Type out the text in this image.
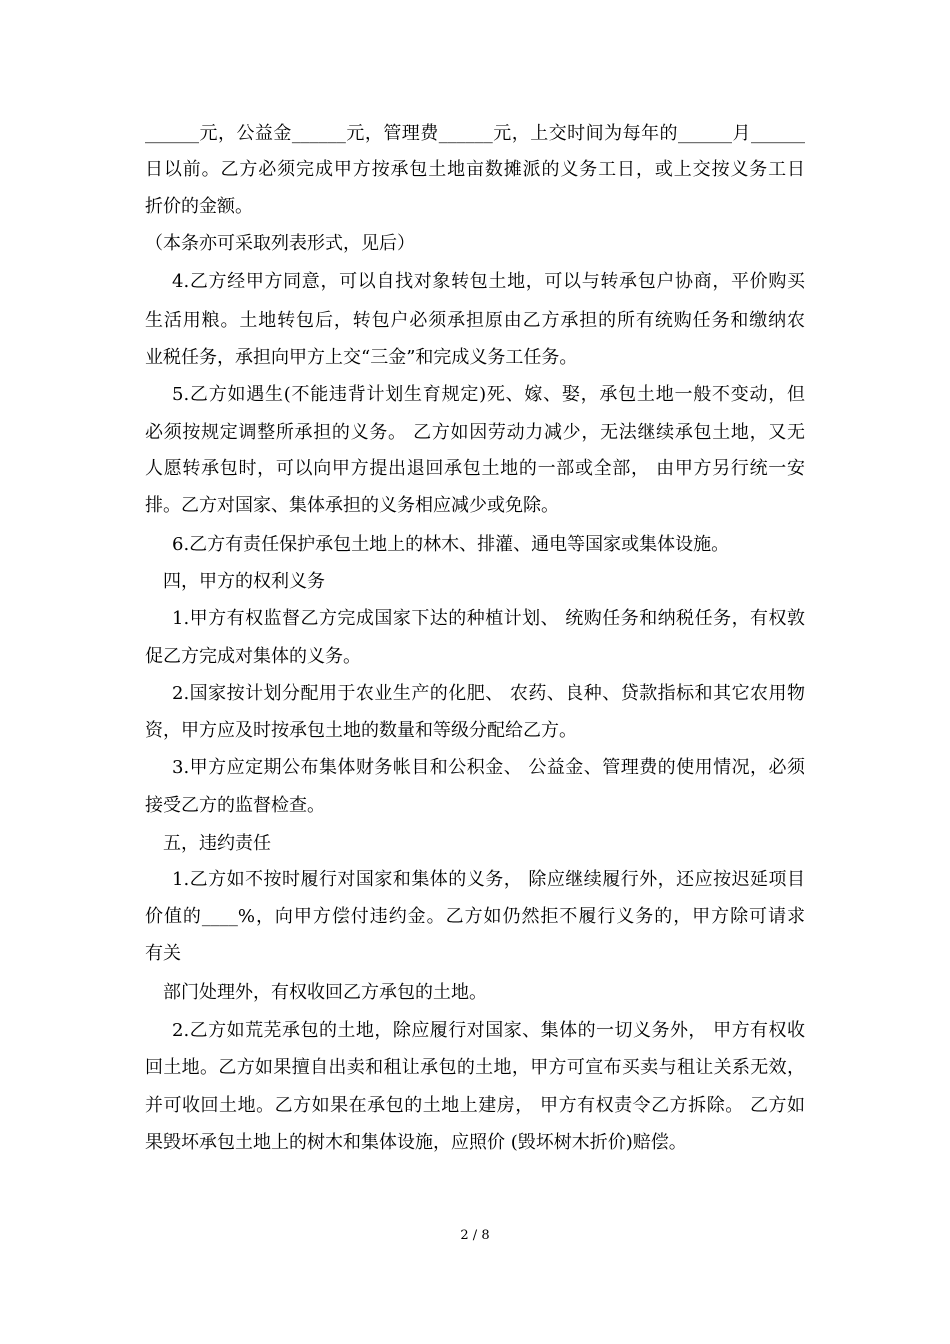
______元，公益金______元，管理费______元，上交时间为每年的______月______
日以前。乙方必须完成甲方按承包土地亩数摊派的义务工日，或上交按义务工日
折价的金额。
（本条亦可采取列表形式，见后）
4.乙方经甲方同意，可以自找对象转包土地，可以与转承包户协商，平价购买
生活用粮。土地转包后，转包户必须承担原由乙方承担的所有统购任务和缴纳农
业税任务，承担向甲方上交“三金”和完成义务工任务。
5.乙方如遇生(不能违背计划生育规定)死、嫁、娶，承包土地一般不变动，但
必须按规定调整所承担的义务。 乙方如因劳动力减少，无法继续承包土地，又无
人愿转承包时，可以向甲方提出退回承包土地的一部或全部， 由甲方另行统一安
排。乙方对国家、集体承担的义务相应减少或免除。
6.乙方有责任保护承包土地上的林木、排灌、通电等国家或集体设施。
四，甲方的权利义务
1.甲方有权监督乙方完成国家下达的种植计划、 统购任务和纳税任务，有权敦
促乙方完成对集体的义务。
2.国家按计划分配用于农业生产的化肥、 农药、良种、贷款指标和其它农用物
资，甲方应及时按承包土地的数量和等级分配给乙方。
3.甲方应定期公布集体财务帐目和公积金、 公益金、管理费的使用情况，必须
接受乙方的监督检查。
五，违约责任
1.乙方如不按时履行对国家和集体的义务， 除应继续履行外，还应按迟延项目
价值的____%，向甲方偿付违约金。乙方如仍然拒不履行义务的，甲方除可请求
有关
部门处理外，有权收回乙方承包的土地。
2.乙方如荒芜承包的土地，除应履行对国家、集体的一切义务外， 甲方有权收
回土地。乙方如果擅自出卖和租让承包的土地，甲方可宣布买卖与租让关系无效，
并可收回土地。乙方如果在承包的土地上建房， 甲方有权责令乙方拆除。 乙方如
果毁坏承包土地上的树木和集体设施，应照价 (毁坏树木折价)赔偿。
2 / 8
